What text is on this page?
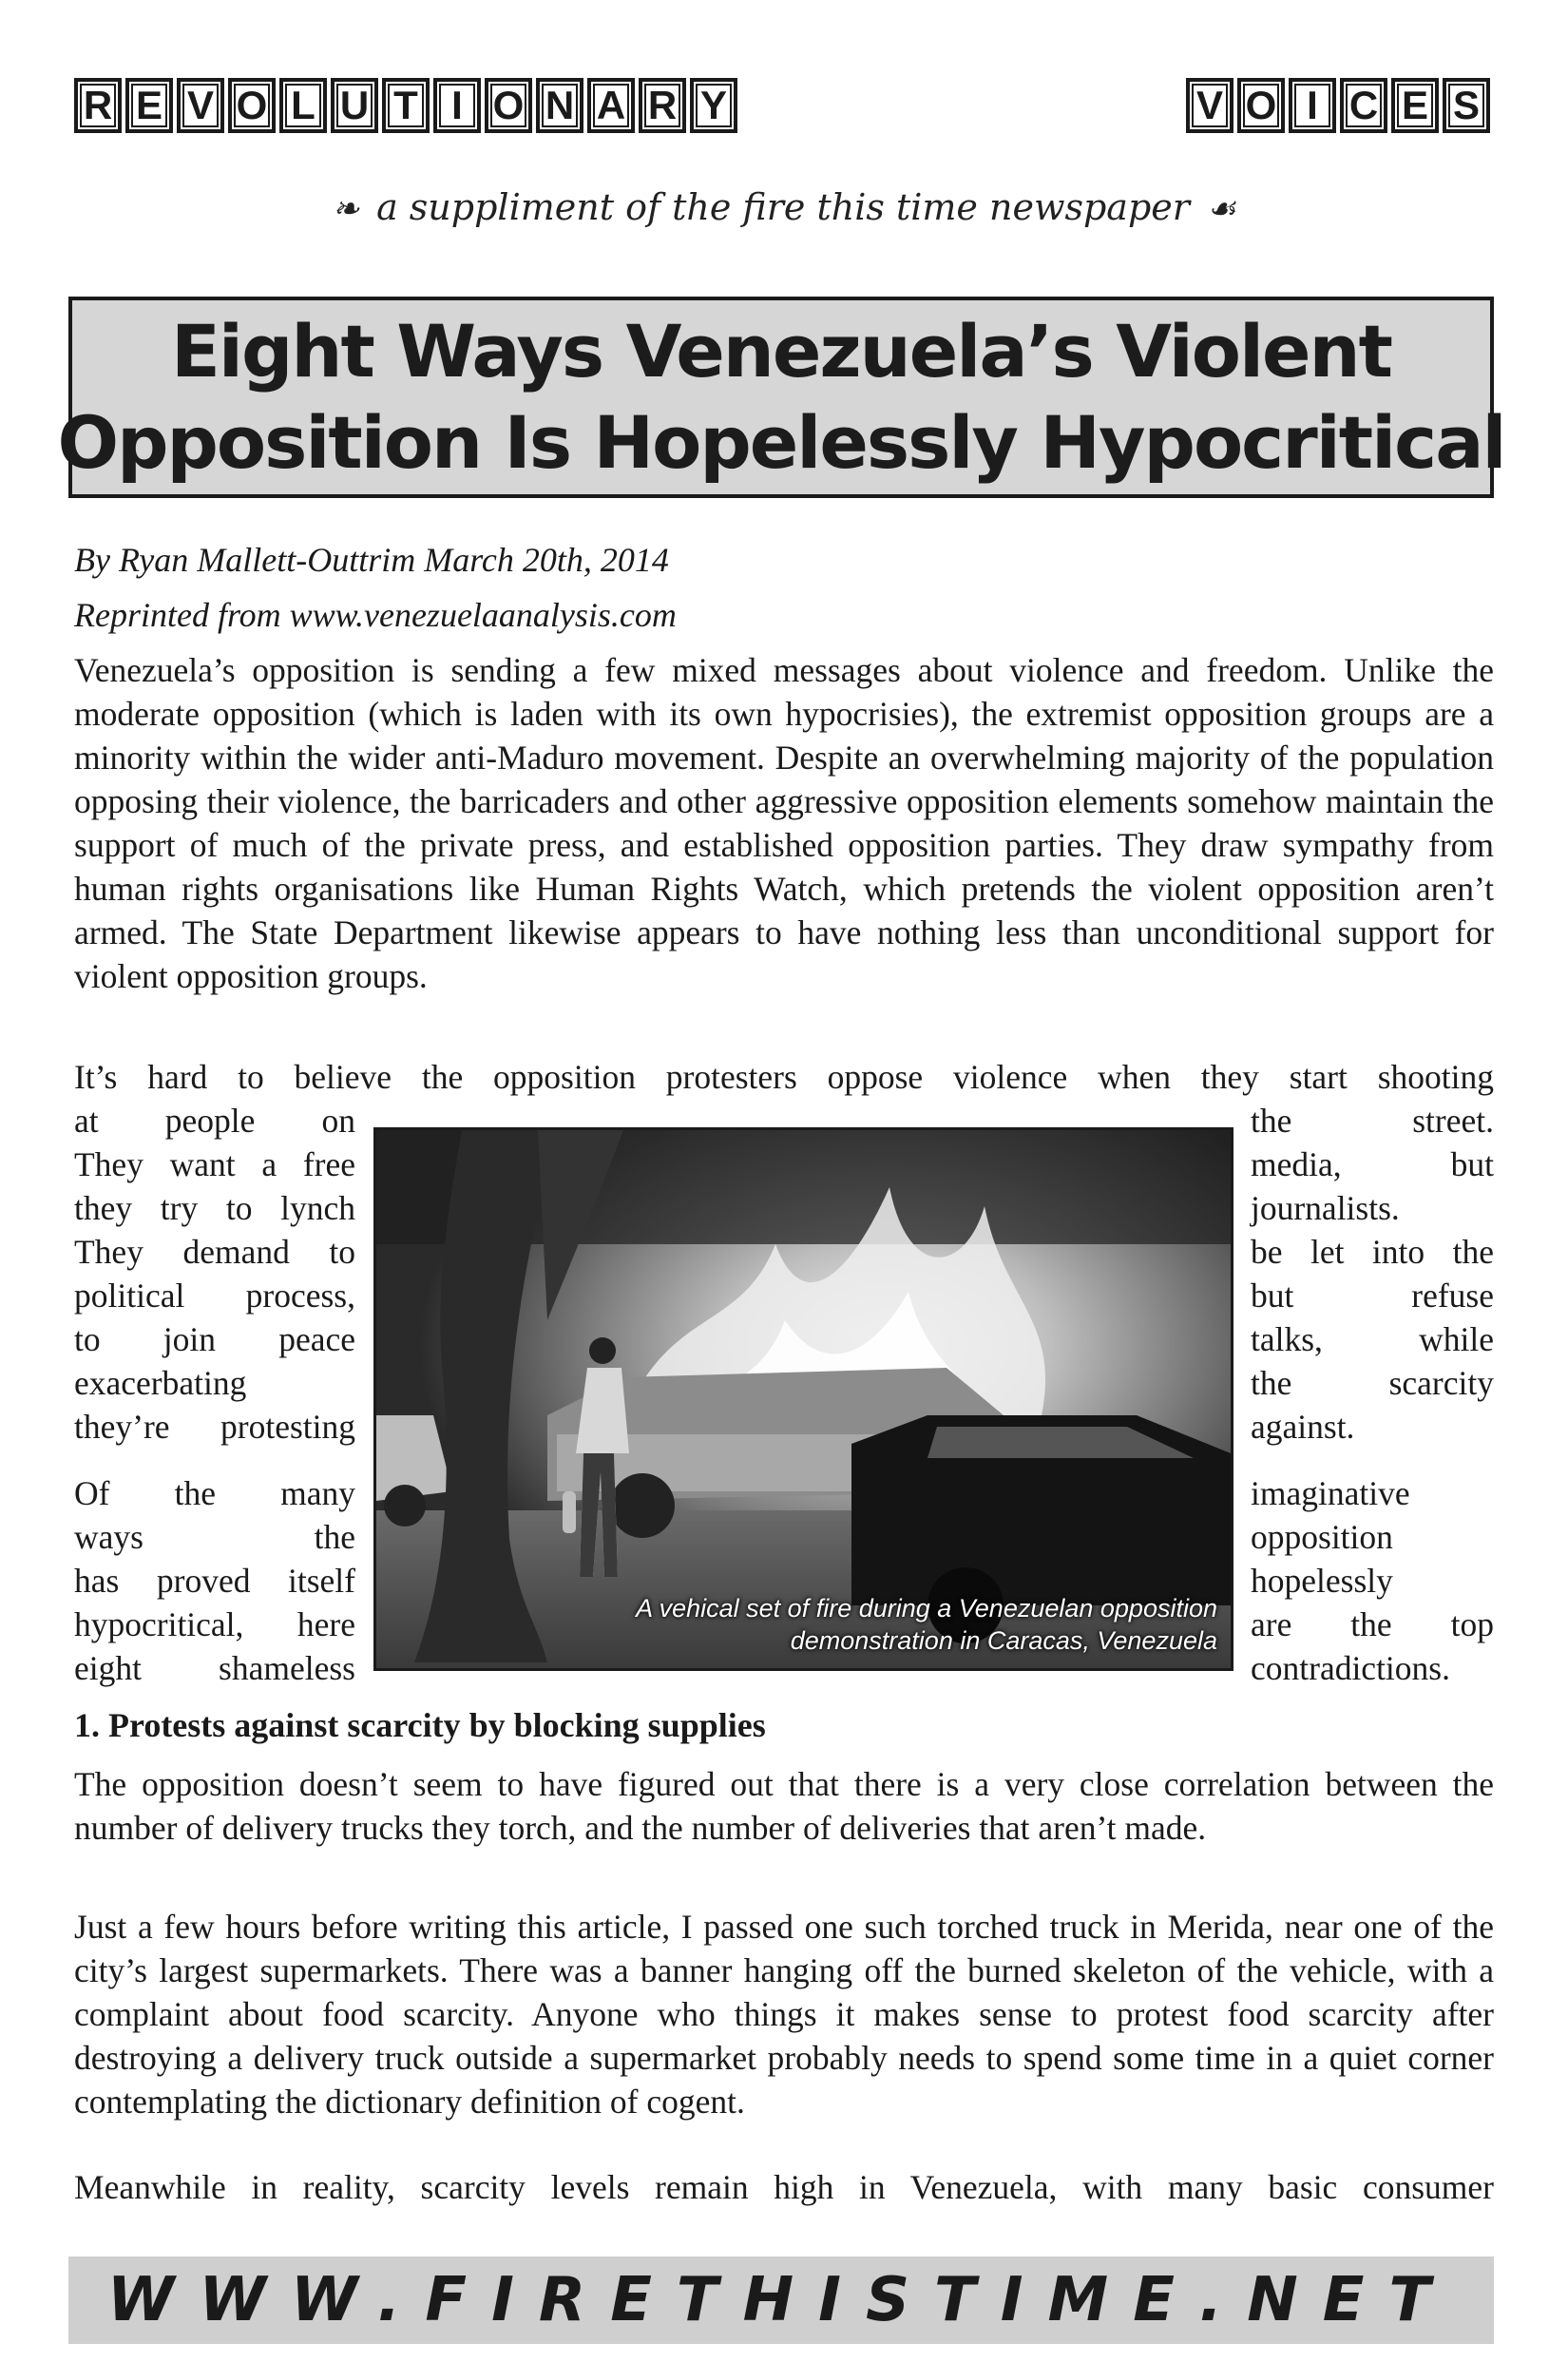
R E V O L U T I O N A R Y	V O I C E S
❧ a suppliment of the fire this time newspaper ☙
Eight Ways Venezuela’s Violent
Opposition Is Hopelessly Hypocritical
By Ryan Mallett-Outtrim March 20th, 2014
Reprinted from www.venezuelaanalysis.com

Venezuela’s opposition is sending a few mixed messages about violence and freedom. Unlike the moderate opposition (which is laden with its own hypocrisies), the extremist opposition groups are a minority within the wider anti-Maduro movement. Despite an overwhelming majority of the population opposing their violence, the barricaders and other aggressive opposition elements somehow maintain the support of much of the private press, and established opposition parties. They draw sympathy from human rights organisations like Human Rights Watch, which pretends the violent opposition aren’t armed. The State Department likewise appears to have nothing less than unconditional support for violent opposition groups.

It’s hard to believe the opposition protesters oppose violence when they start shooting

at people on
They want a free
they try to lynch
They demand to
political process,
to join peace
exacerbating
they’re protesting
the street.
media, but
journalists.
be let into the
but refuse
talks, while
the scarcity
against.
Of the many
ways the
has proved itself
hypocritical, here
eight shameless
imaginative
opposition
hopelessly
are the top
contradictions.
A vehical set of fire during a Venezuelan opposition
demonstration in Caracas, Venezuela
1. Protests against scarcity by blocking supplies

The opposition doesn’t seem to have figured out that there is a very close correlation between the number of delivery trucks they torch, and the number of deliveries that aren’t made.

Just a few hours before writing this article, I passed one such torched truck in Merida, near one of the city’s largest supermarkets. There was a banner hanging off the burned skeleton of the vehicle, with a complaint about food scarcity. Anyone who things it makes sense to protest food scarcity after destroying a delivery truck outside a supermarket probably needs to spend some time in a quiet corner contemplating the dictionary definition of cogent.

Meanwhile in reality, scarcity levels remain high in Venezuela, with many basic consumer

WWW.FIRETHISTIME.NET
